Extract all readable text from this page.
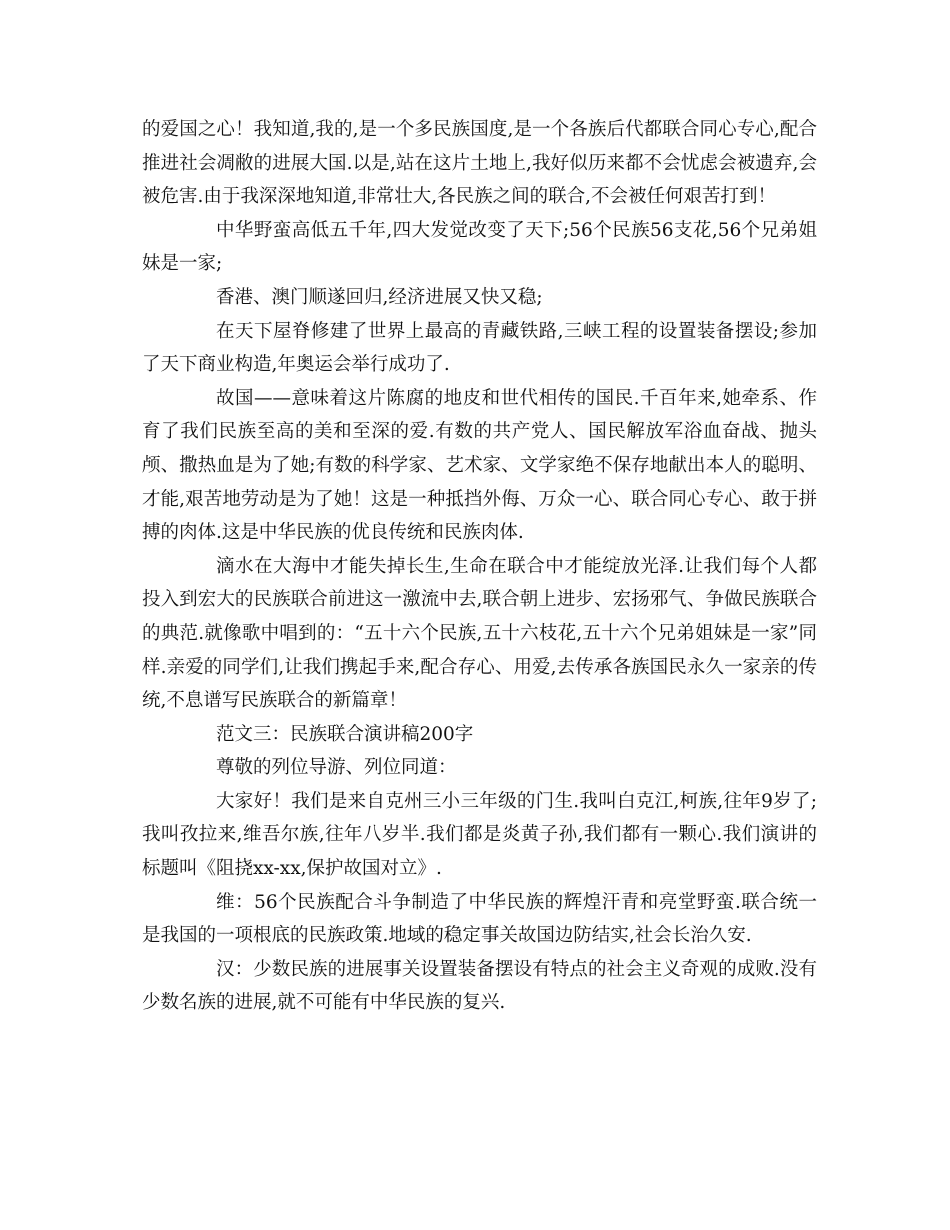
的爱国之心！我知道,我的,是一个多民族国度,是一个各族后代都联合同心专心,配合推进社会凋敝的进展大国.以是,站在这片土地上,我好似历来都不会忧虑会被遗弃,会被危害.由于我深深地知道,非常壮大,各民族之间的联合,不会被任何艰苦打到！

中华野蛮高低五千年,四大发觉改变了天下;56个民族56支花,56个兄弟姐妹是一家;

香港、澳门顺遂回归,经济进展又快又稳;

在天下屋脊修建了世界上最高的青藏铁路,三峡工程的设置装备摆设;参加了天下商业构造,年奥运会举行成功了.

故国——意味着这片陈腐的地皮和世代相传的国民.千百年来,她牵系、作育了我们民族至高的美和至深的爱.有数的共产党人、国民解放军浴血奋战、抛头颅、撒热血是为了她;有数的科学家、艺术家、文学家绝不保存地献出本人的聪明、才能,艰苦地劳动是为了她！这是一种抵挡外侮、万众一心、联合同心专心、敢于拼搏的肉体.这是中华民族的优良传统和民族肉体.

滴水在大海中才能失掉长生,生命在联合中才能绽放光泽.让我们每个人都投入到宏大的民族联合前进这一激流中去,联合朝上进步、宏扬邪气、争做民族联合的典范.就像歌中唱到的：“五十六个民族,五十六枝花,五十六个兄弟姐妹是一家”同样.亲爱的同学们,让我们携起手来,配合存心、用爱,去传承各族国民永久一家亲的传统,不息谱写民族联合的新篇章！

范文三：民族联合演讲稿200字

尊敬的列位导游、列位同道：

大家好！我们是来自克州三小三年级的门生.我叫白克江,柯族,往年9岁了;我叫孜拉来,维吾尔族,往年八岁半.我们都是炎黄子孙,我们都有一颗心.我们演讲的标题叫《阻挠xx-xx,保护故国对立》.

维：56个民族配合斗争制造了中华民族的辉煌汗青和亮堂野蛮.联合统一是我国的一项根底的民族政策.地域的稳定事关故国边防结实,社会长治久安.

汉：少数民族的进展事关设置装备摆设有特点的社会主义奇观的成败.没有少数名族的进展,就不可能有中华民族的复兴.
